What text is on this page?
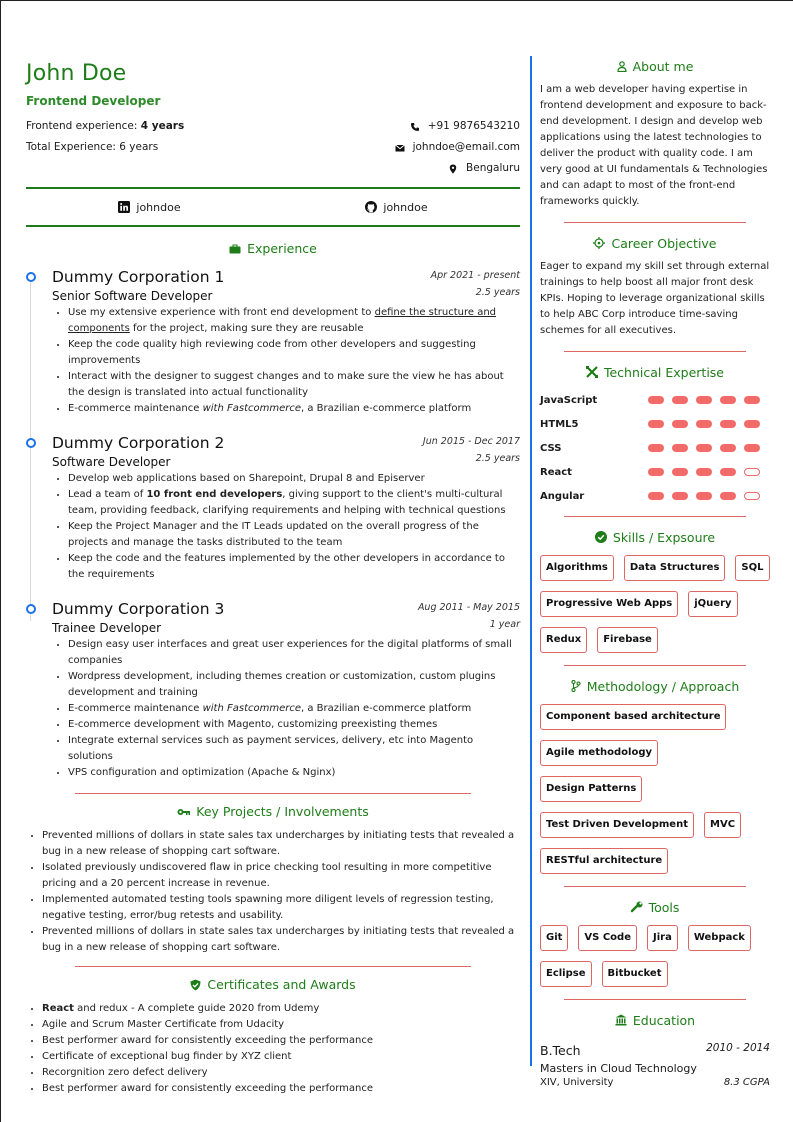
John Doe
Frontend Developer
Frontend experience: 4 years	+91 9876543210
Total Experience: 6 years	johndoe@email.com
Bengaluru
johndoe	johndoe
Experience
Dummy Corporation 1	Apr 2021 - present
Senior Software Developer	2.5 years
• Use my extensive experience with front end development to define the structure and components for the project, making sure they are reusable
• Keep the code quality high reviewing code from other developers and suggesting improvements
• Interact with the designer to suggest changes and to make sure the view he has about the design is translated into actual functionality
• E-commerce maintenance with Fastcommerce, a Brazilian e-commerce platform
Dummy Corporation 2	Jun 2015 - Dec 2017
Software Developer	2.5 years
• Develop web applications based on Sharepoint, Drupal 8 and Episerver
• Lead a team of 10 front end developers, giving support to the client's multi-cultural team, providing feedback, clarifying requirements and helping with technical questions
• Keep the Project Manager and the IT Leads updated on the overall progress of the projects and manage the tasks distributed to the team
• Keep the code and the features implemented by the other developers in accordance to the requirements
Dummy Corporation 3	Aug 2011 - May 2015
Trainee Developer	1 year
• Design easy user interfaces and great user experiences for the digital platforms of small companies
• Wordpress development, including themes creation or customization, custom plugins development and training
• E-commerce maintenance with Fastcommerce, a Brazilian e-commerce platform
• E-commerce development with Magento, customizing preexisting themes
• Integrate external services such as payment services, delivery, etc into Magento solutions
• VPS configuration and optimization (Apache & Nginx)
Key Projects / Involvements
• Prevented millions of dollars in state sales tax undercharges by initiating tests that revealed a bug in a new release of shopping cart software.
• Isolated previously undiscovered flaw in price checking tool resulting in more competitive pricing and a 20 percent increase in revenue.
• Implemented automated testing tools spawning more diligent levels of regression testing, negative testing, error/bug retests and usability.
• Prevented millions of dollars in state sales tax undercharges by initiating tests that revealed a bug in a new release of shopping cart software.
Certificates and Awards
• React and redux - A complete guide 2020 from Udemy
• Agile and Scrum Master Certificate from Udacity
• Best performer award for consistently exceeding the performance
• Certificate of exceptional bug finder by XYZ client
• Recorgnition zero defect delivery
• Best performer award for consistently exceeding the performance
About me

I am a web developer having expertise in frontend development and exposure to back-end development. I design and develop web applications using the latest technologies to deliver the product with quality code. I am very good at UI fundamentals & Technologies and can adapt to most of the front-end frameworks quickly.

Career Objective

Eager to expand my skill set through external trainings to help boost all major front desk KPIs. Hoping to leverage organizational skills to help ABC Corp introduce time-saving schemes for all executives.

Technical Expertise
JavaScript
HTML5
CSS
React
Angular
Skills / Expsoure
Algorithms	Data Structures	SQL
Progressive Web Apps	jQuery
Redux	Firebase
Methodology / Approach
Component based architecture
Agile methodology
Design Patterns
Test Driven Development	MVC
RESTful architecture
Tools
Git	VS Code	Jira	Webpack
Eclipse	Bitbucket
Education
B.Tech	2010 - 2014
Masters in Cloud Technology
XIV, University	8.3 CGPA
